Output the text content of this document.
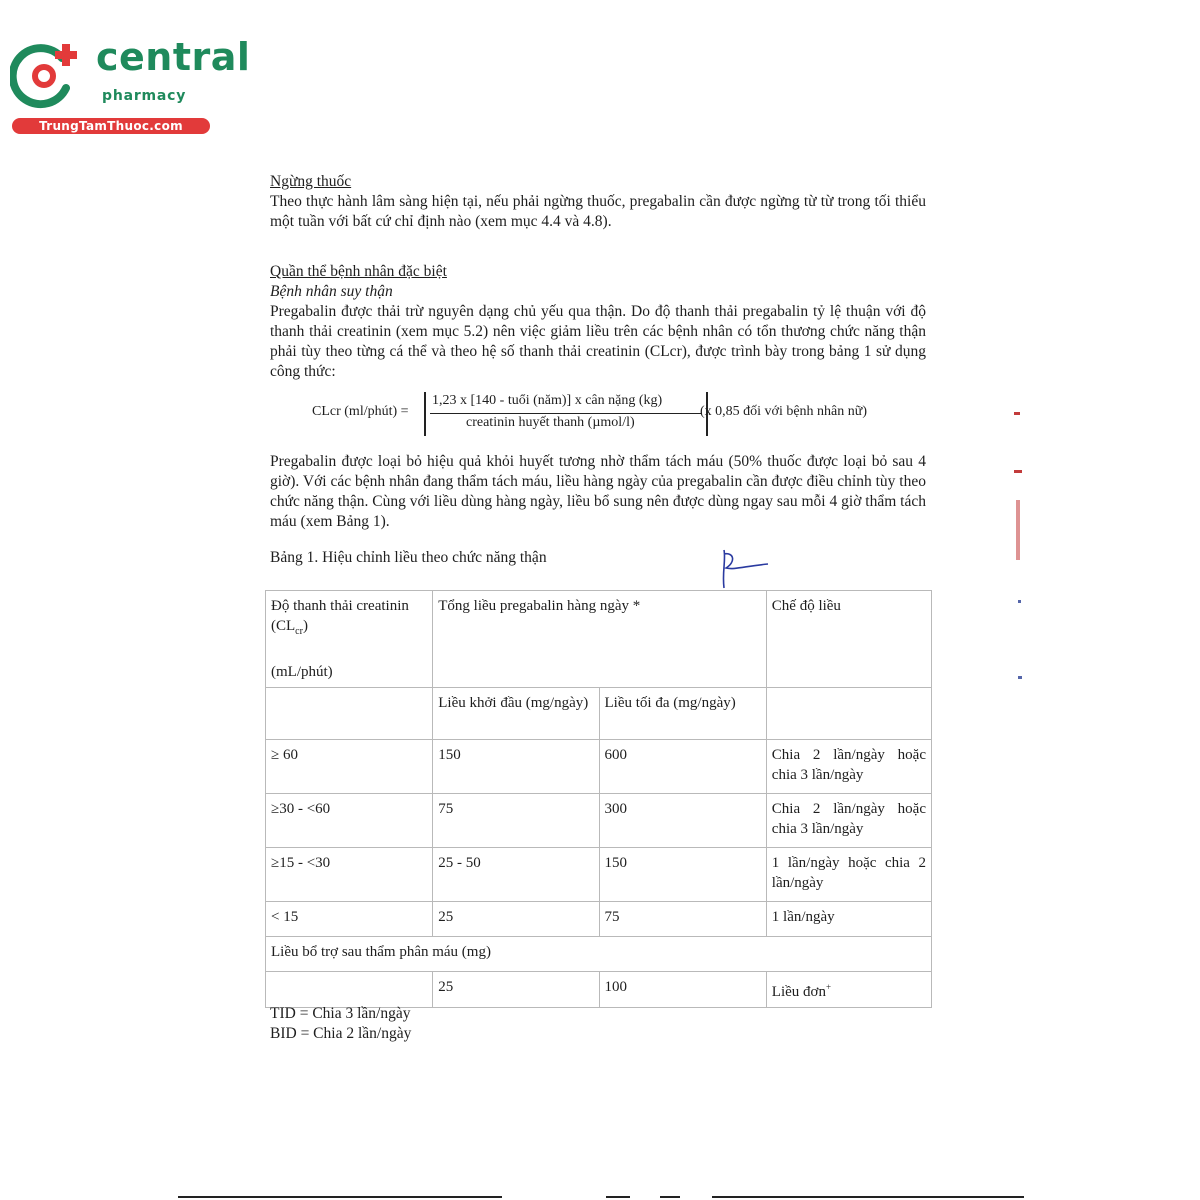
central
pharmacy
TrungTamThuoc.com
Ngừng thuốc
Theo thực hành lâm sàng hiện tại, nếu phải ngừng thuốc, pregabalin cần được ngừng từ từ trong tối thiểu một tuần với bất cứ chỉ định nào (xem mục 4.4 và 4.8).
Quần thể bệnh nhân đặc biệt
Bệnh nhân suy thận
Pregabalin được thải trừ nguyên dạng chủ yếu qua thận. Do độ thanh thải pregabalin tỷ lệ thuận với độ thanh thải creatinin (xem mục 5.2) nên việc giảm liều trên các bệnh nhân có tổn thương chức năng thận phải tùy theo từng cá thể và theo hệ số thanh thải creatinin (CLcr), được trình bày trong bảng 1 sử dụng công thức:
CLcr (ml/phút) =
1,23 x [140 - tuổi (năm)] x cân nặng (kg)
creatinin huyết thanh (µmol/l)
(x 0,85 đối với bệnh nhân nữ)
Pregabalin được loại bỏ hiệu quả khỏi huyết tương nhờ thẩm tách máu (50% thuốc được loại bỏ sau 4 giờ). Với các bệnh nhân đang thẩm tách máu, liều hàng ngày của pregabalin cần được điều chỉnh tùy theo chức năng thận. Cùng với liều dùng hàng ngày, liều bổ sung nên được dùng ngay sau mỗi 4 giờ thẩm tách máu (xem Bảng 1).
Bảng 1. Hiệu chỉnh liều theo chức năng thận
Độ thanh thải creatinin
$(CL_{cr})$

(mL/phút)	Tổng liều pregabalin hàng ngày *		Chế độ liều
	Liều khởi đầu (mg/ngày)	Liều tối đa (mg/ngày)	
≥ 60	150	600	Chia 2 lần/ngày hoặc chia 3 lần/ngày
≥30 - <60	75	300	Chia 2 lần/ngày hoặc chia 3 lần/ngày
≥15 - <30	25 - 50	150	1 lần/ngày hoặc chia 2 lần/ngày
< 15	25	75	1 lần/ngày
Liều bổ trợ sau thẩm phân máu (mg)			
	25	100	Liều đơn+
TID = Chia 3 lần/ngày
BID = Chia 2 lần/ngày
